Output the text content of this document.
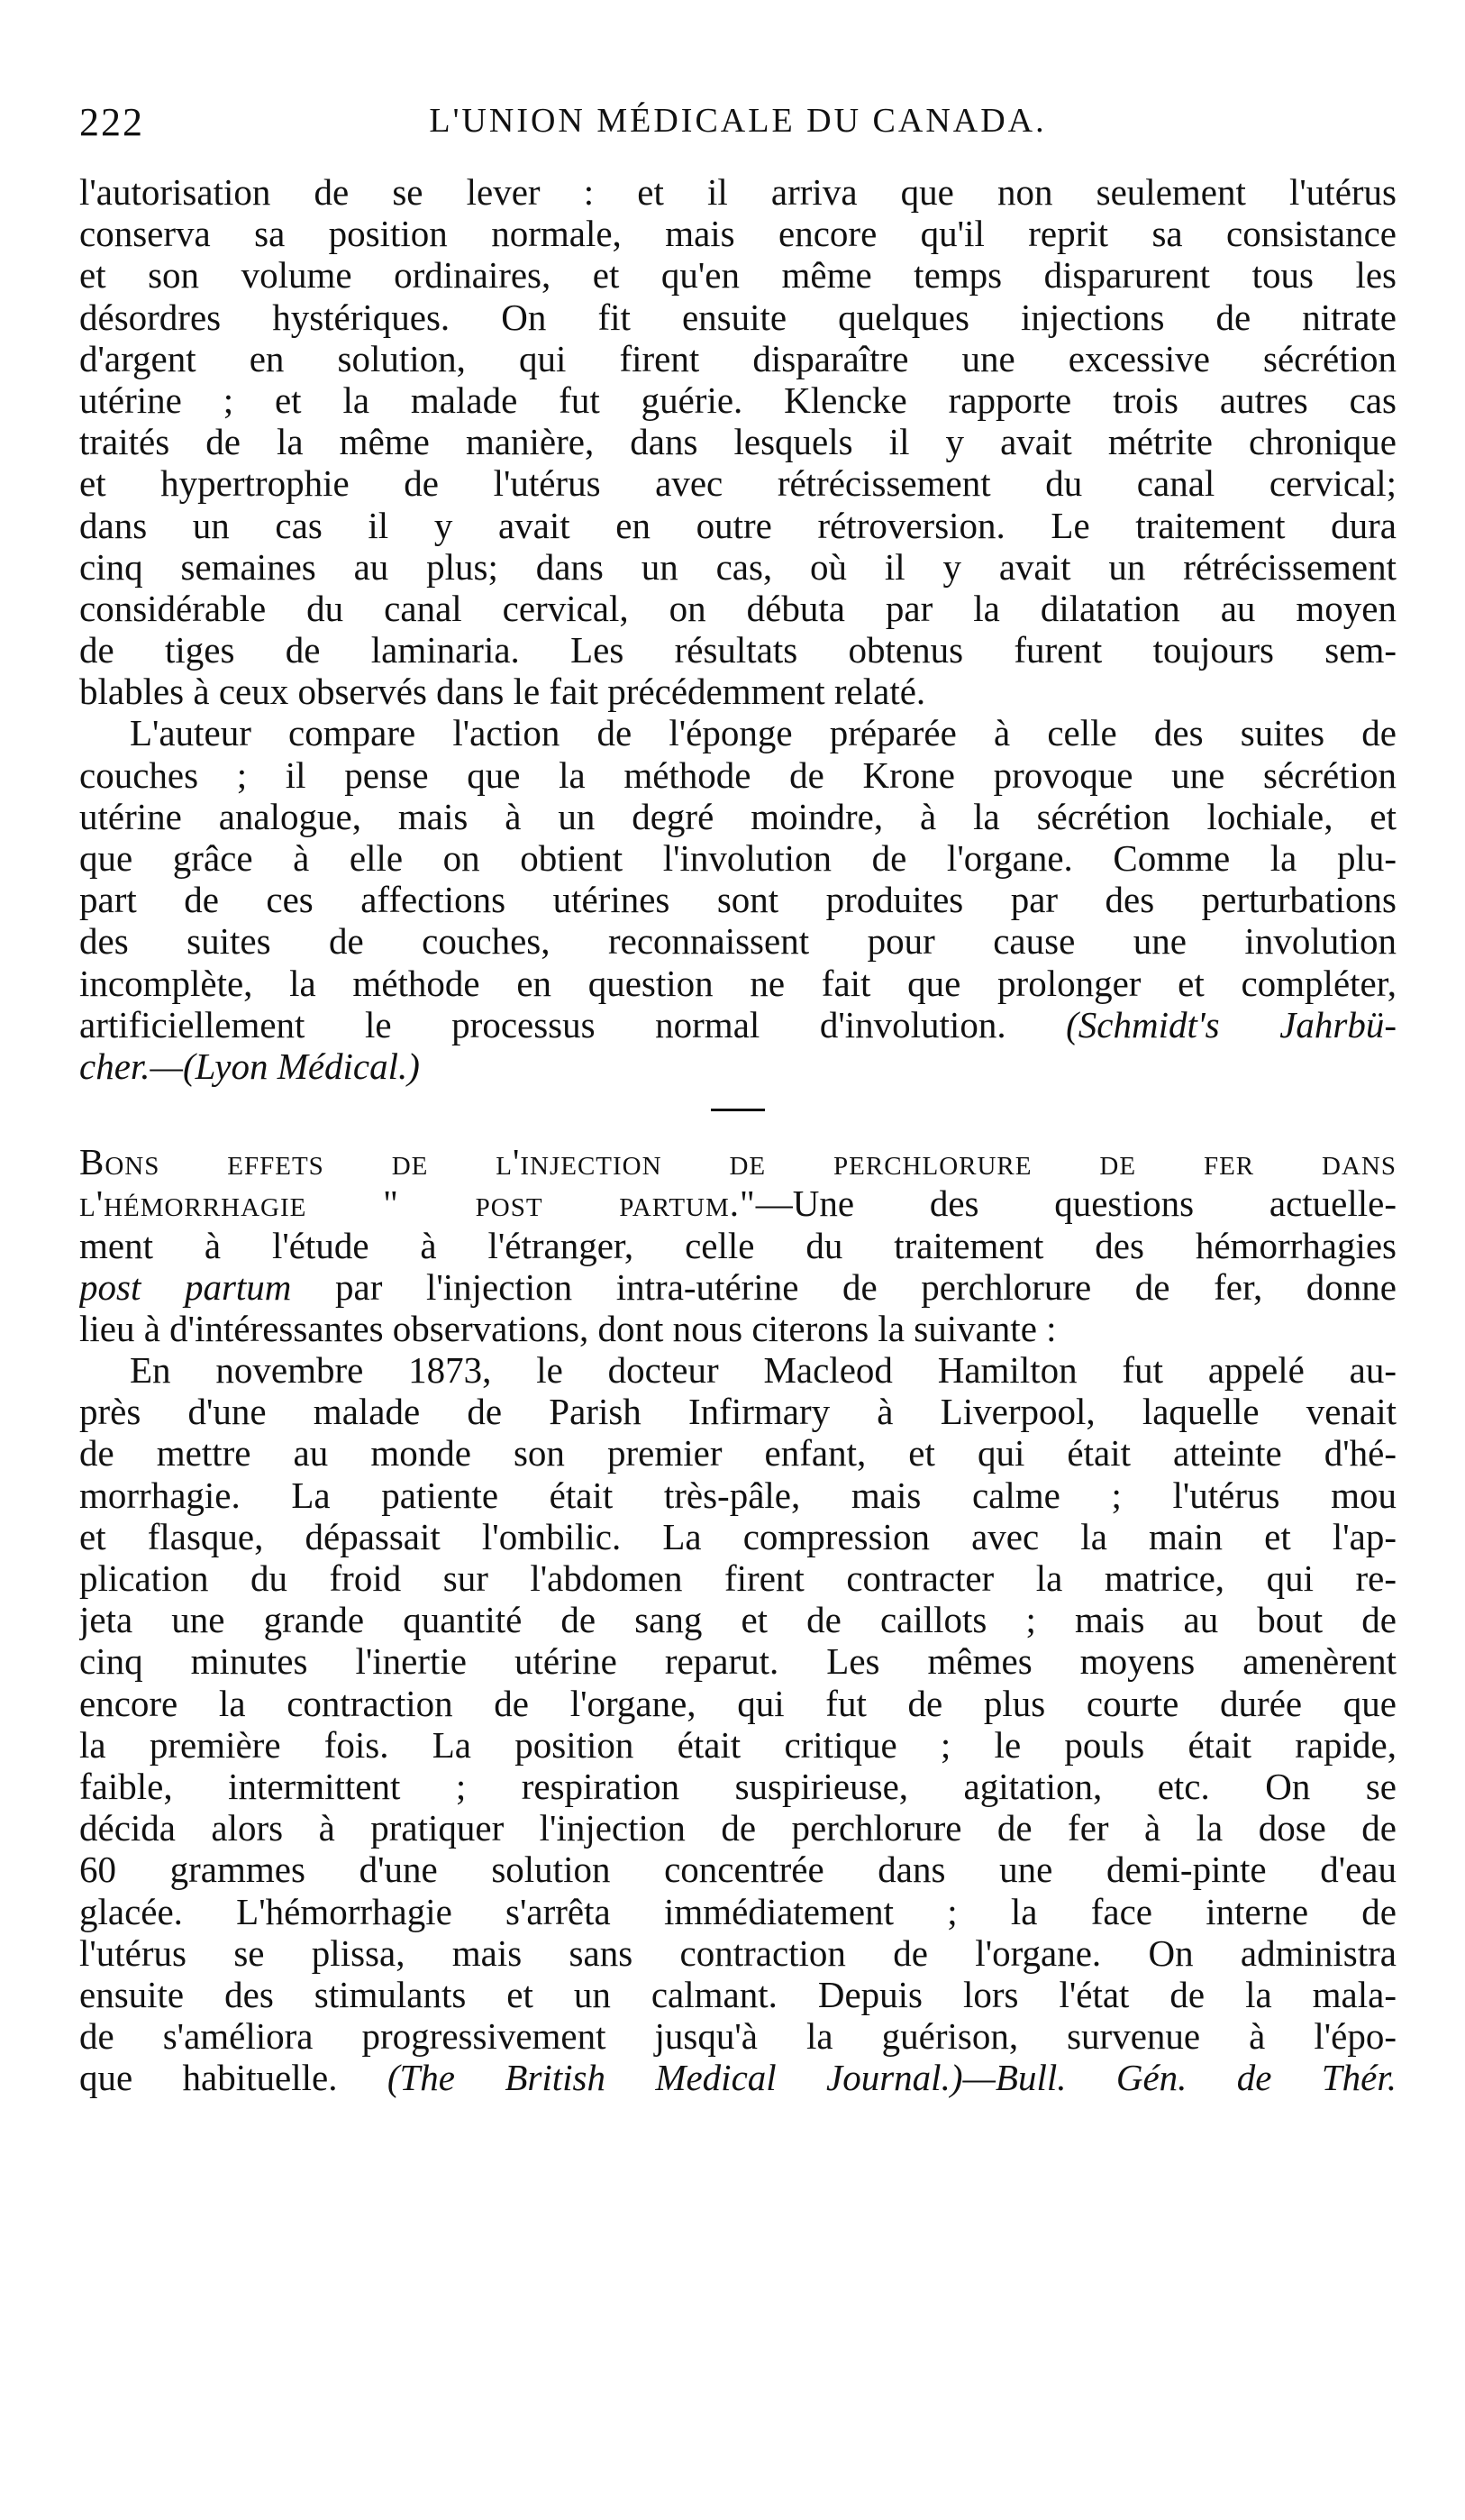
222	L'UNION MÉDICALE DU CANADA.
l'autorisation de se lever : et il arriva que non seulement l'utérus
conserva sa position normale, mais encore qu'il reprit sa consistance
et son volume ordinaires, et qu'en même temps disparurent tous les
désordres hystériques. On fit ensuite quelques injections de nitrate
d'argent en solution, qui firent disparaître une excessive sécrétion
utérine ; et la malade fut guérie. Klencke rapporte trois autres cas
traités de la même manière, dans lesquels il y avait métrite chronique
et hypertrophie de l'utérus avec rétrécissement du canal cervical;
dans un cas il y avait en outre rétroversion. Le traitement dura
cinq semaines au plus; dans un cas, où il y avait un rétrécissement
considérable du canal cervical, on débuta par la dilatation au moyen
de tiges de laminaria. Les résultats obtenus furent toujours sem-
blables à ceux observés dans le fait précédemment relaté.
L'auteur compare l'action de l'éponge préparée à celle des suites de
couches ; il pense que la méthode de Krone provoque une sécrétion
utérine analogue, mais à un degré moindre, à la sécrétion lochiale, et
que grâce à elle on obtient l'involution de l'organe. Comme la plu-
part de ces affections utérines sont produites par des perturbations
des suites de couches, reconnaissent pour cause une involution
incomplète, la méthode en question ne fait que prolonger et compléter,
artificiellement le processus normal d'involution. (Schmidt's Jahrbü-
cher.—(Lyon Médical.)
Bons effets de l'injection de perchlorure de fer dans
l'hémorrhagie " post partum."—Une des questions actuelle-
ment à l'étude à l'étranger, celle du traitement des hémorrhagies
post partum par l'injection intra-utérine de perchlorure de fer, donne
lieu à d'intéressantes observations, dont nous citerons la suivante :
En novembre 1873, le docteur Macleod Hamilton fut appelé au-
près d'une malade de Parish Infirmary à Liverpool, laquelle venait
de mettre au monde son premier enfant, et qui était atteinte d'hé-
morrhagie. La patiente était très-pâle, mais calme ; l'utérus mou
et flasque, dépassait l'ombilic. La compression avec la main et l'ap-
plication du froid sur l'abdomen firent contracter la matrice, qui re-
jeta une grande quantité de sang et de caillots ; mais au bout de
cinq minutes l'inertie utérine reparut. Les mêmes moyens amenèrent
encore la contraction de l'organe, qui fut de plus courte durée que
la première fois. La position était critique ; le pouls était rapide,
faible, intermittent ; respiration suspirieuse, agitation, etc. On se
décida alors à pratiquer l'injection de perchlorure de fer à la dose de
60 grammes d'une solution concentrée dans une demi-pinte d'eau
glacée. L'hémorrhagie s'arrêta immédiatement ; la face interne de
l'utérus se plissa, mais sans contraction de l'organe. On administra
ensuite des stimulants et un calmant. Depuis lors l'état de la mala-
de s'améliora progressivement jusqu'à la guérison, survenue à l'épo-
que habituelle. (The British Medical Journal.)—Bull. Gén. de Thér.
